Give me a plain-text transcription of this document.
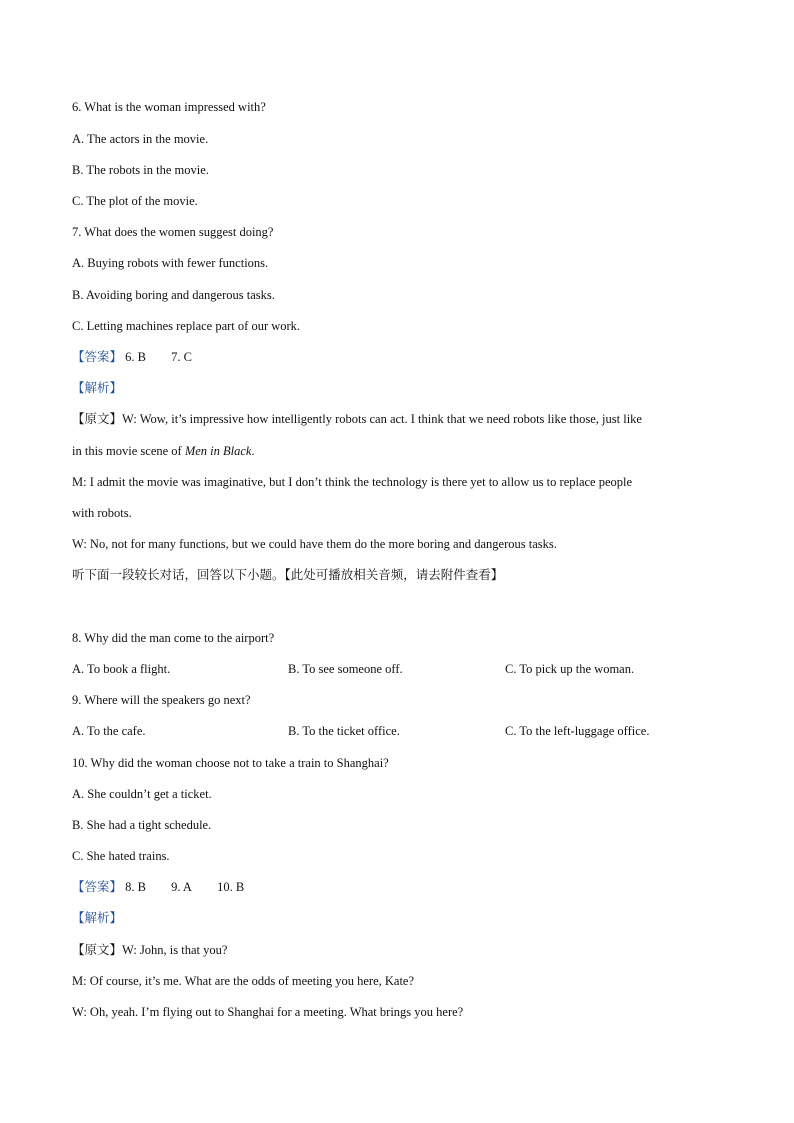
6. What is the woman impressed with?
A. The actors in the movie.
B. The robots in the movie.
C. The plot of the movie.
7. What does the women suggest doing?
A. Buying robots with fewer functions.
B. Avoiding boring and dangerous tasks.
C. Letting machines replace part of our work.
【答案】 6. B 7. C
【解析】
【原文】W: Wow, it’s impressive how intelligently robots can act. I think that we need robots like those, just like
in this movie scene of Men in Black.
M: I admit the movie was imaginative, but I don’t think the technology is there yet to allow us to replace people
with robots.
W: No, not for many functions, but we could have them do the more boring and dangerous tasks.
听下面一段较长对话，回答以下小题。【此处可播放相关音频，请去附件查看】
8. Why did the man come to the airport?
A. To book a flight.	B. To see someone off.	C. To pick up the woman.
9. Where will the speakers go next?
A. To the cafe.	B. To the ticket office.	C. To the left-luggage office.
10. Why did the woman choose not to take a train to Shanghai?
A. She couldn’t get a ticket.
B. She had a tight schedule.
C. She hated trains.
【答案】 8. B 9. A 10. B
【解析】
【原文】W: John, is that you?
M: Of course, it’s me. What are the odds of meeting you here, Kate?
W: Oh, yeah. I’m flying out to Shanghai for a meeting. What brings you here?
